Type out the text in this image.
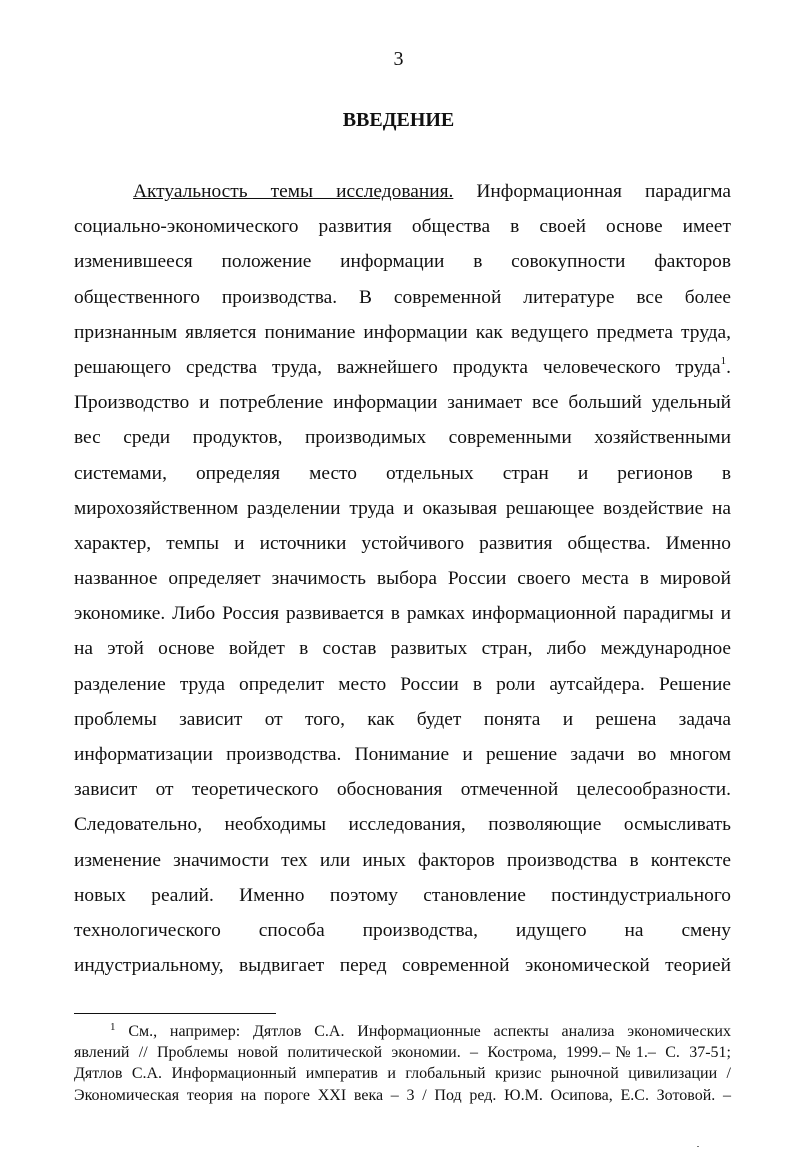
3
ВВЕДЕНИЕ
Актуальность темы исследования. Информационная парадигма
социально-экономического развития общества в своей основе имеет
изменившееся положение информации в совокупности факторов
общественного производства. В современной литературе все более
признанным является понимание информации как ведущего предмета труда,
решающего средства труда, важнейшего продукта человеческого труда$^1$.
Производство и потребление информации занимает все больший удельный
вес среди продуктов, производимых современными хозяйственными
системами, определяя место отдельных стран и регионов в
мирохозяйственном разделении труда и оказывая решающее воздействие на
характер, темпы и источники устойчивого развития общества. Именно
названное определяет значимость выбора России своего места в мировой
экономике. Либо Россия развивается в рамках информационной парадигмы и
на этой основе войдет в состав развитых стран, либо международное
разделение труда определит место России в роли аутсайдера. Решение
проблемы зависит от того, как будет понята и решена задача
информатизации производства. Понимание и решение задачи во многом
зависит от теоретического обоснования отмеченной целесообразности.
Следовательно, необходимы исследования, позволяющие осмысливать
изменение значимости тех или иных факторов производства в контексте
новых реалий. Именно поэтому становление постиндустриального
технологического способа производства, идущего на смену
индустриальному, выдвигает перед современной экономической теорией
$^1$ См., например: Дятлов С.А. Информационные аспекты анализа экономических
явлений // Проблемы новой политической экономии. – Кострома, 1999.–№1.– С. 37-51;
Дятлов С.А. Информационный императив и глобальный кризис рыночной цивилизации /
Экономическая теория на пороге XXI века – 3 / Под ред. Ю.М. Осипова, Е.С. Зотовой. –
